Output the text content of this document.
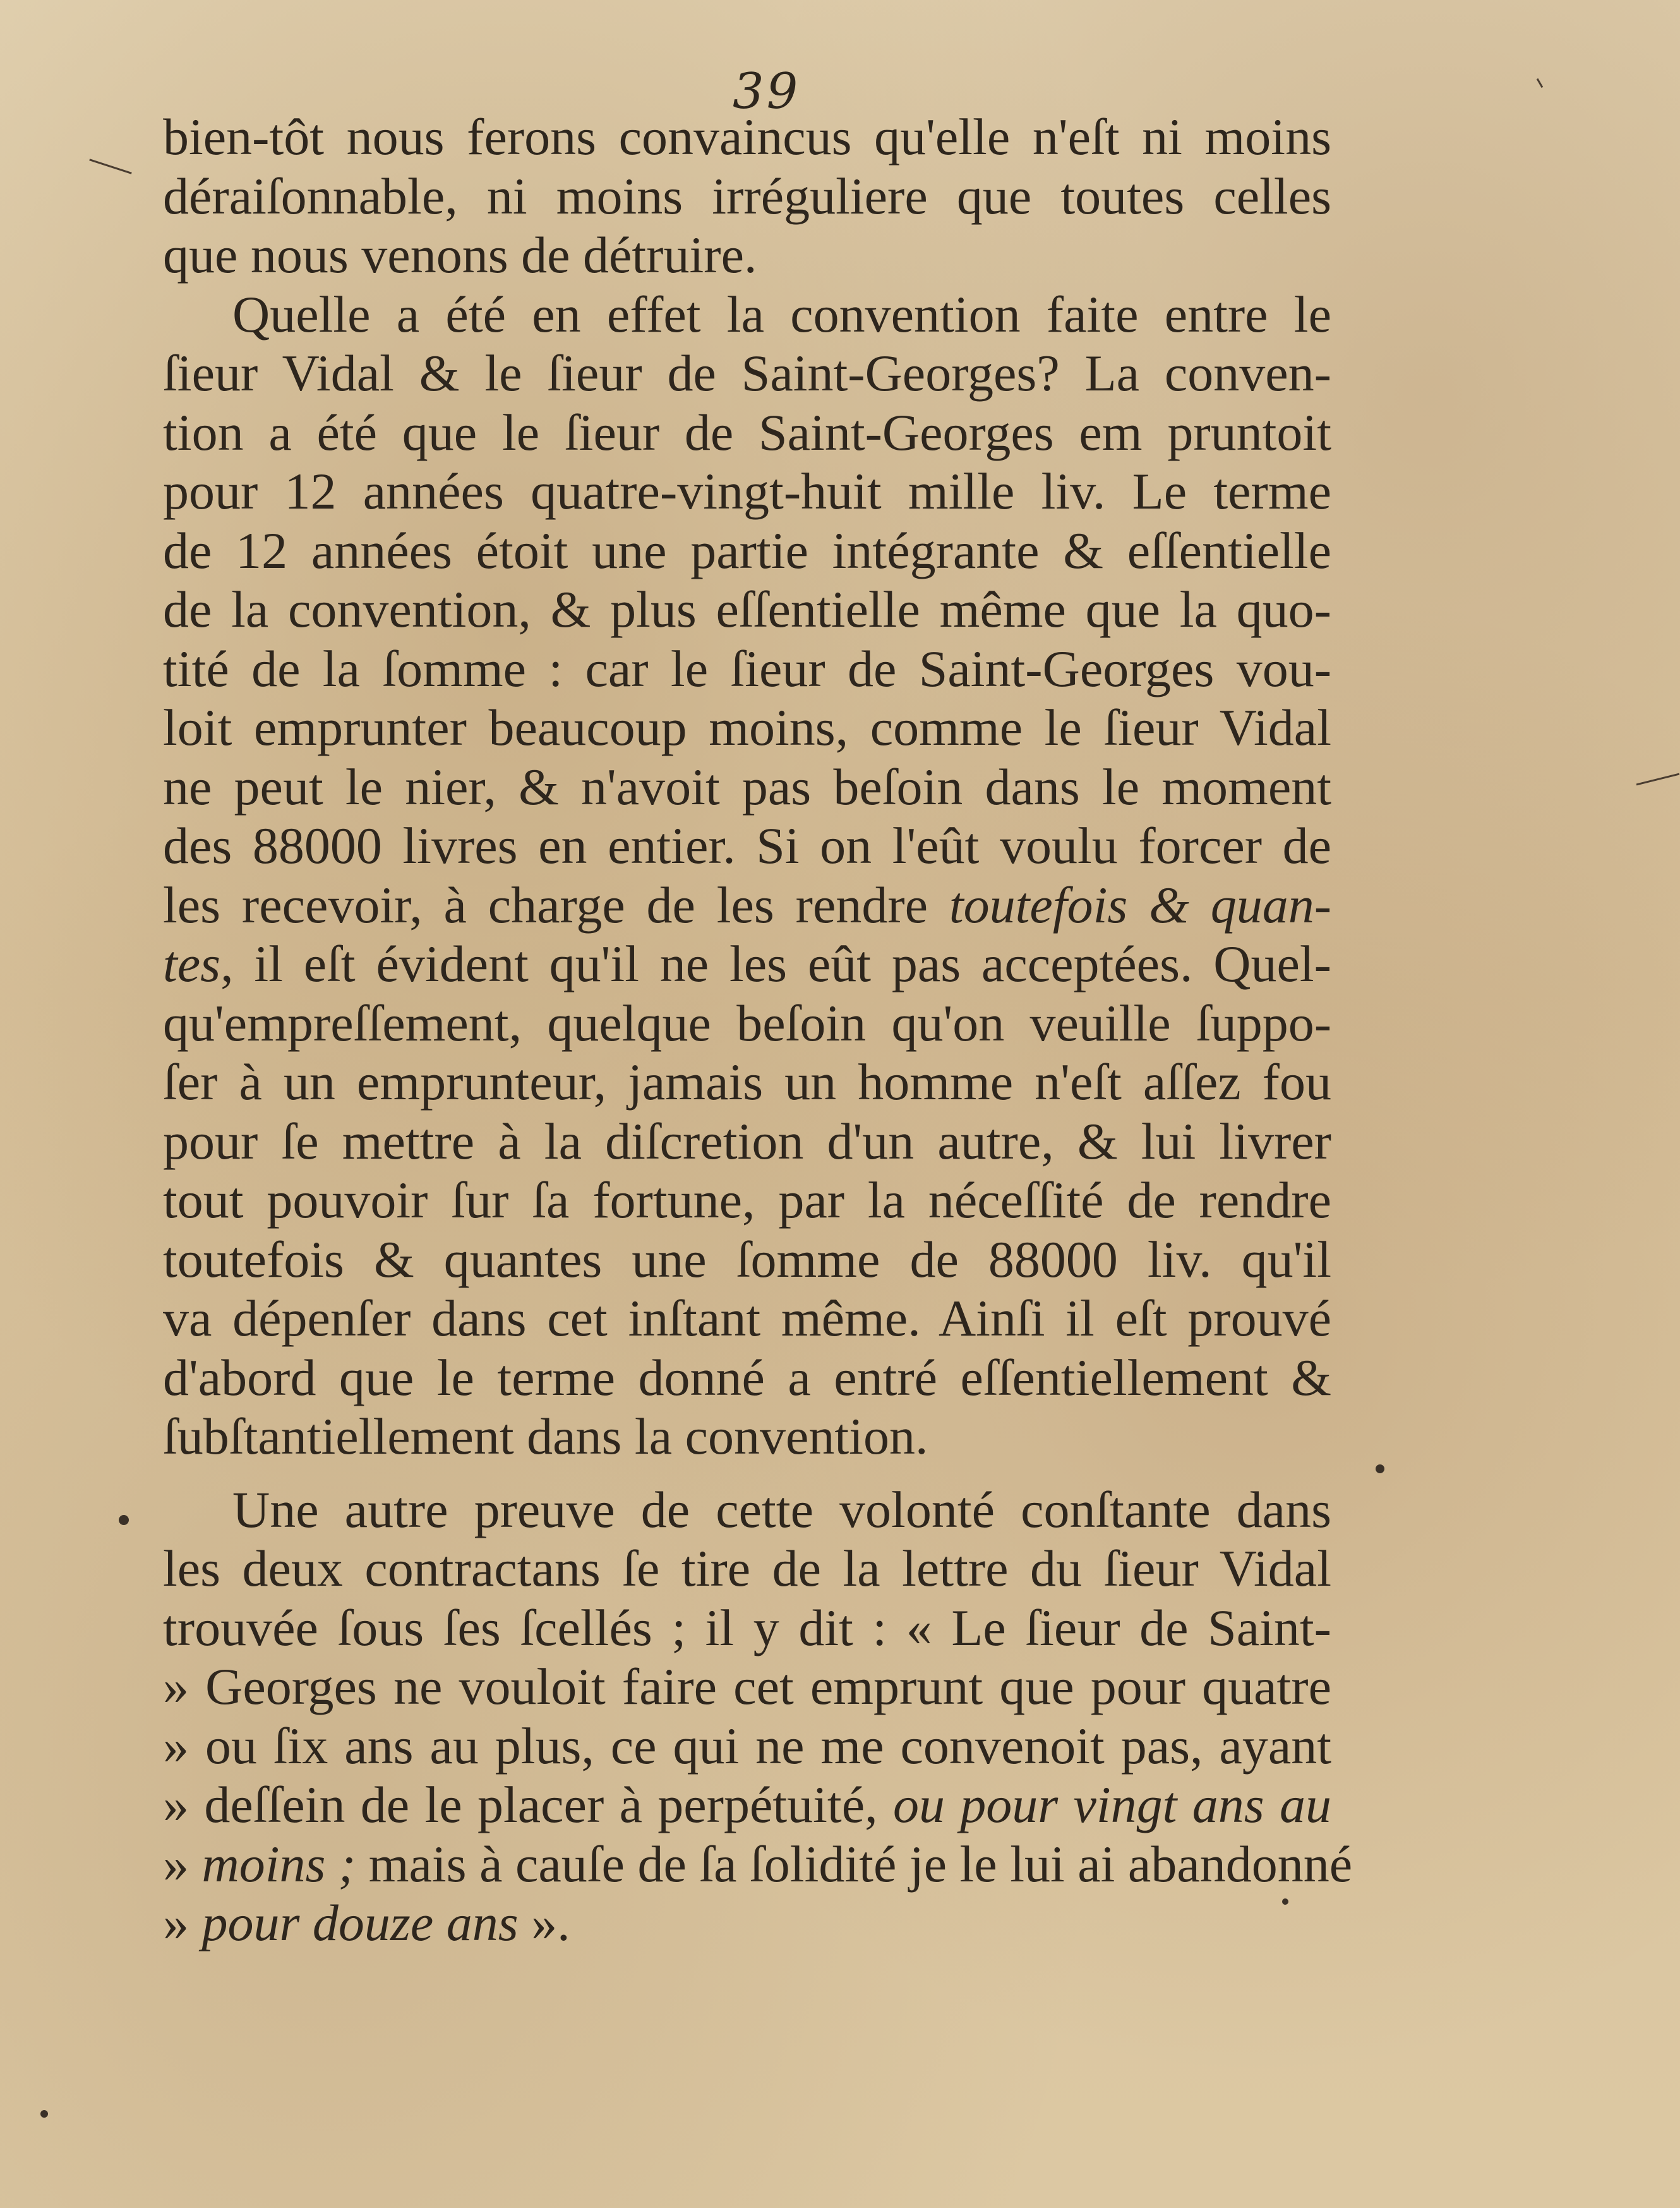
39
bien-tôt nous ferons convaincus qu'elle n'eſt ni moins
déraiſonnable, ni moins irréguliere que toutes celles
que nous venons de détruire.
Quelle a été en effet la convention faite entre le
ſieur Vidal & le ſieur de Saint-Georges? La conven-
tion a été que le ſieur de Saint-Georges em pruntoit
pour 12 années quatre-vingt-huit mille liv. Le terme
de 12 années étoit une partie intégrante & eſſentielle
de la convention, & plus eſſentielle même que la quo-
tité de la ſomme : car le ſieur de Saint-Georges vou-
loit emprunter beaucoup moins, comme le ſieur Vidal
ne peut le nier, & n'avoit pas beſoin dans le moment
des 88000 livres en entier. Si on l'eût voulu forcer de
les recevoir, à charge de les rendre toutefois & quan-
tes, il eſt évident qu'il ne les eût pas acceptées. Quel-
qu'empreſſement, quelque beſoin qu'on veuille ſuppo-
ſer à un emprunteur, jamais un homme n'eſt aſſez fou
pour ſe mettre à la diſcretion d'un autre, & lui livrer
tout pouvoir ſur ſa fortune, par la néceſſité de rendre
toutefois & quantes une ſomme de 88000 liv. qu'il
va dépenſer dans cet inſtant même. Ainſi il eſt prouvé
d'abord que le terme donné a entré eſſentiellement &
ſubſtantiellement dans la convention.
Une autre preuve de cette volonté conſtante dans
les deux contractans ſe tire de la lettre du ſieur Vidal
trouvée ſous ſes ſcellés ; il y dit : « Le ſieur de Saint-
» Georges ne vouloit faire cet emprunt que pour quatre
» ou ſix ans au plus, ce qui ne me convenoit pas, ayant
» deſſein de le placer à perpétuité, ou pour vingt ans au
» moins ; mais à cauſe de ſa ſolidité je le lui ai abandonné
» pour douze ans ».
